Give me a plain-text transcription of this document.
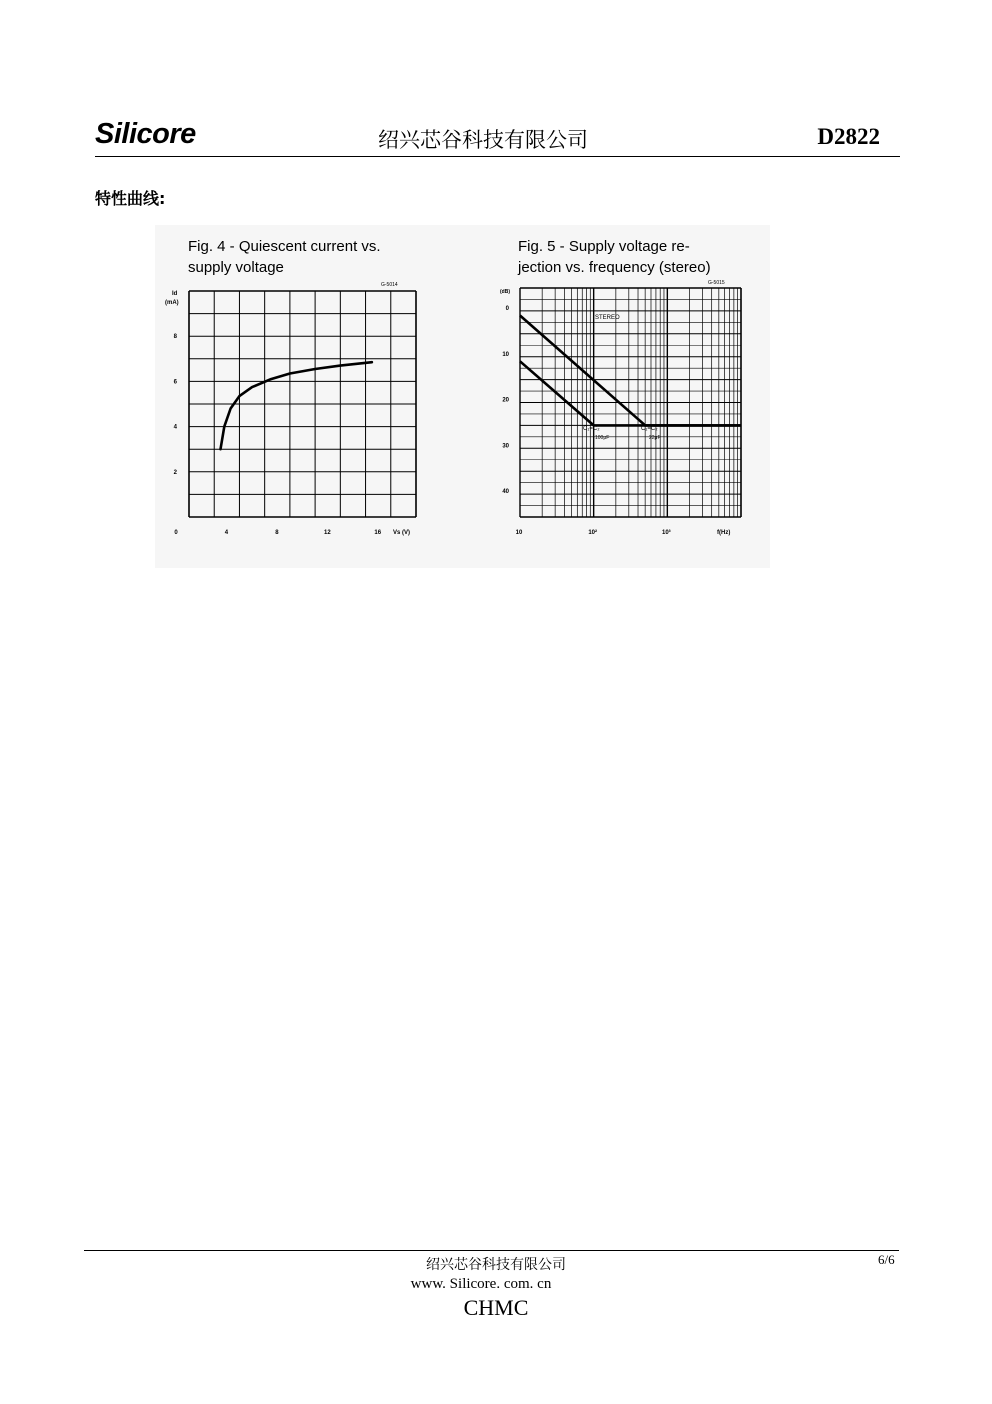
Silicore	绍兴芯谷科技有限公司	D2822
特性曲线:
Fig. 4 - Quiescent current vs.
supply voltage
G-5014
Id
(mA)
2
4
6
8
0	4	8	12	16 Vs (V)
Fig. 5 - Supply voltage re-
jection vs. frequency (stereo)
G-5015
(dB)
0
10
20
30
40
10	10²	10³	f(Hz)
STEREO
C₁=C₂
100μF
C₁=C₂
22μF
绍兴芯谷科技有限公司
www. Silicore. com. cn
CHMC
6/6
